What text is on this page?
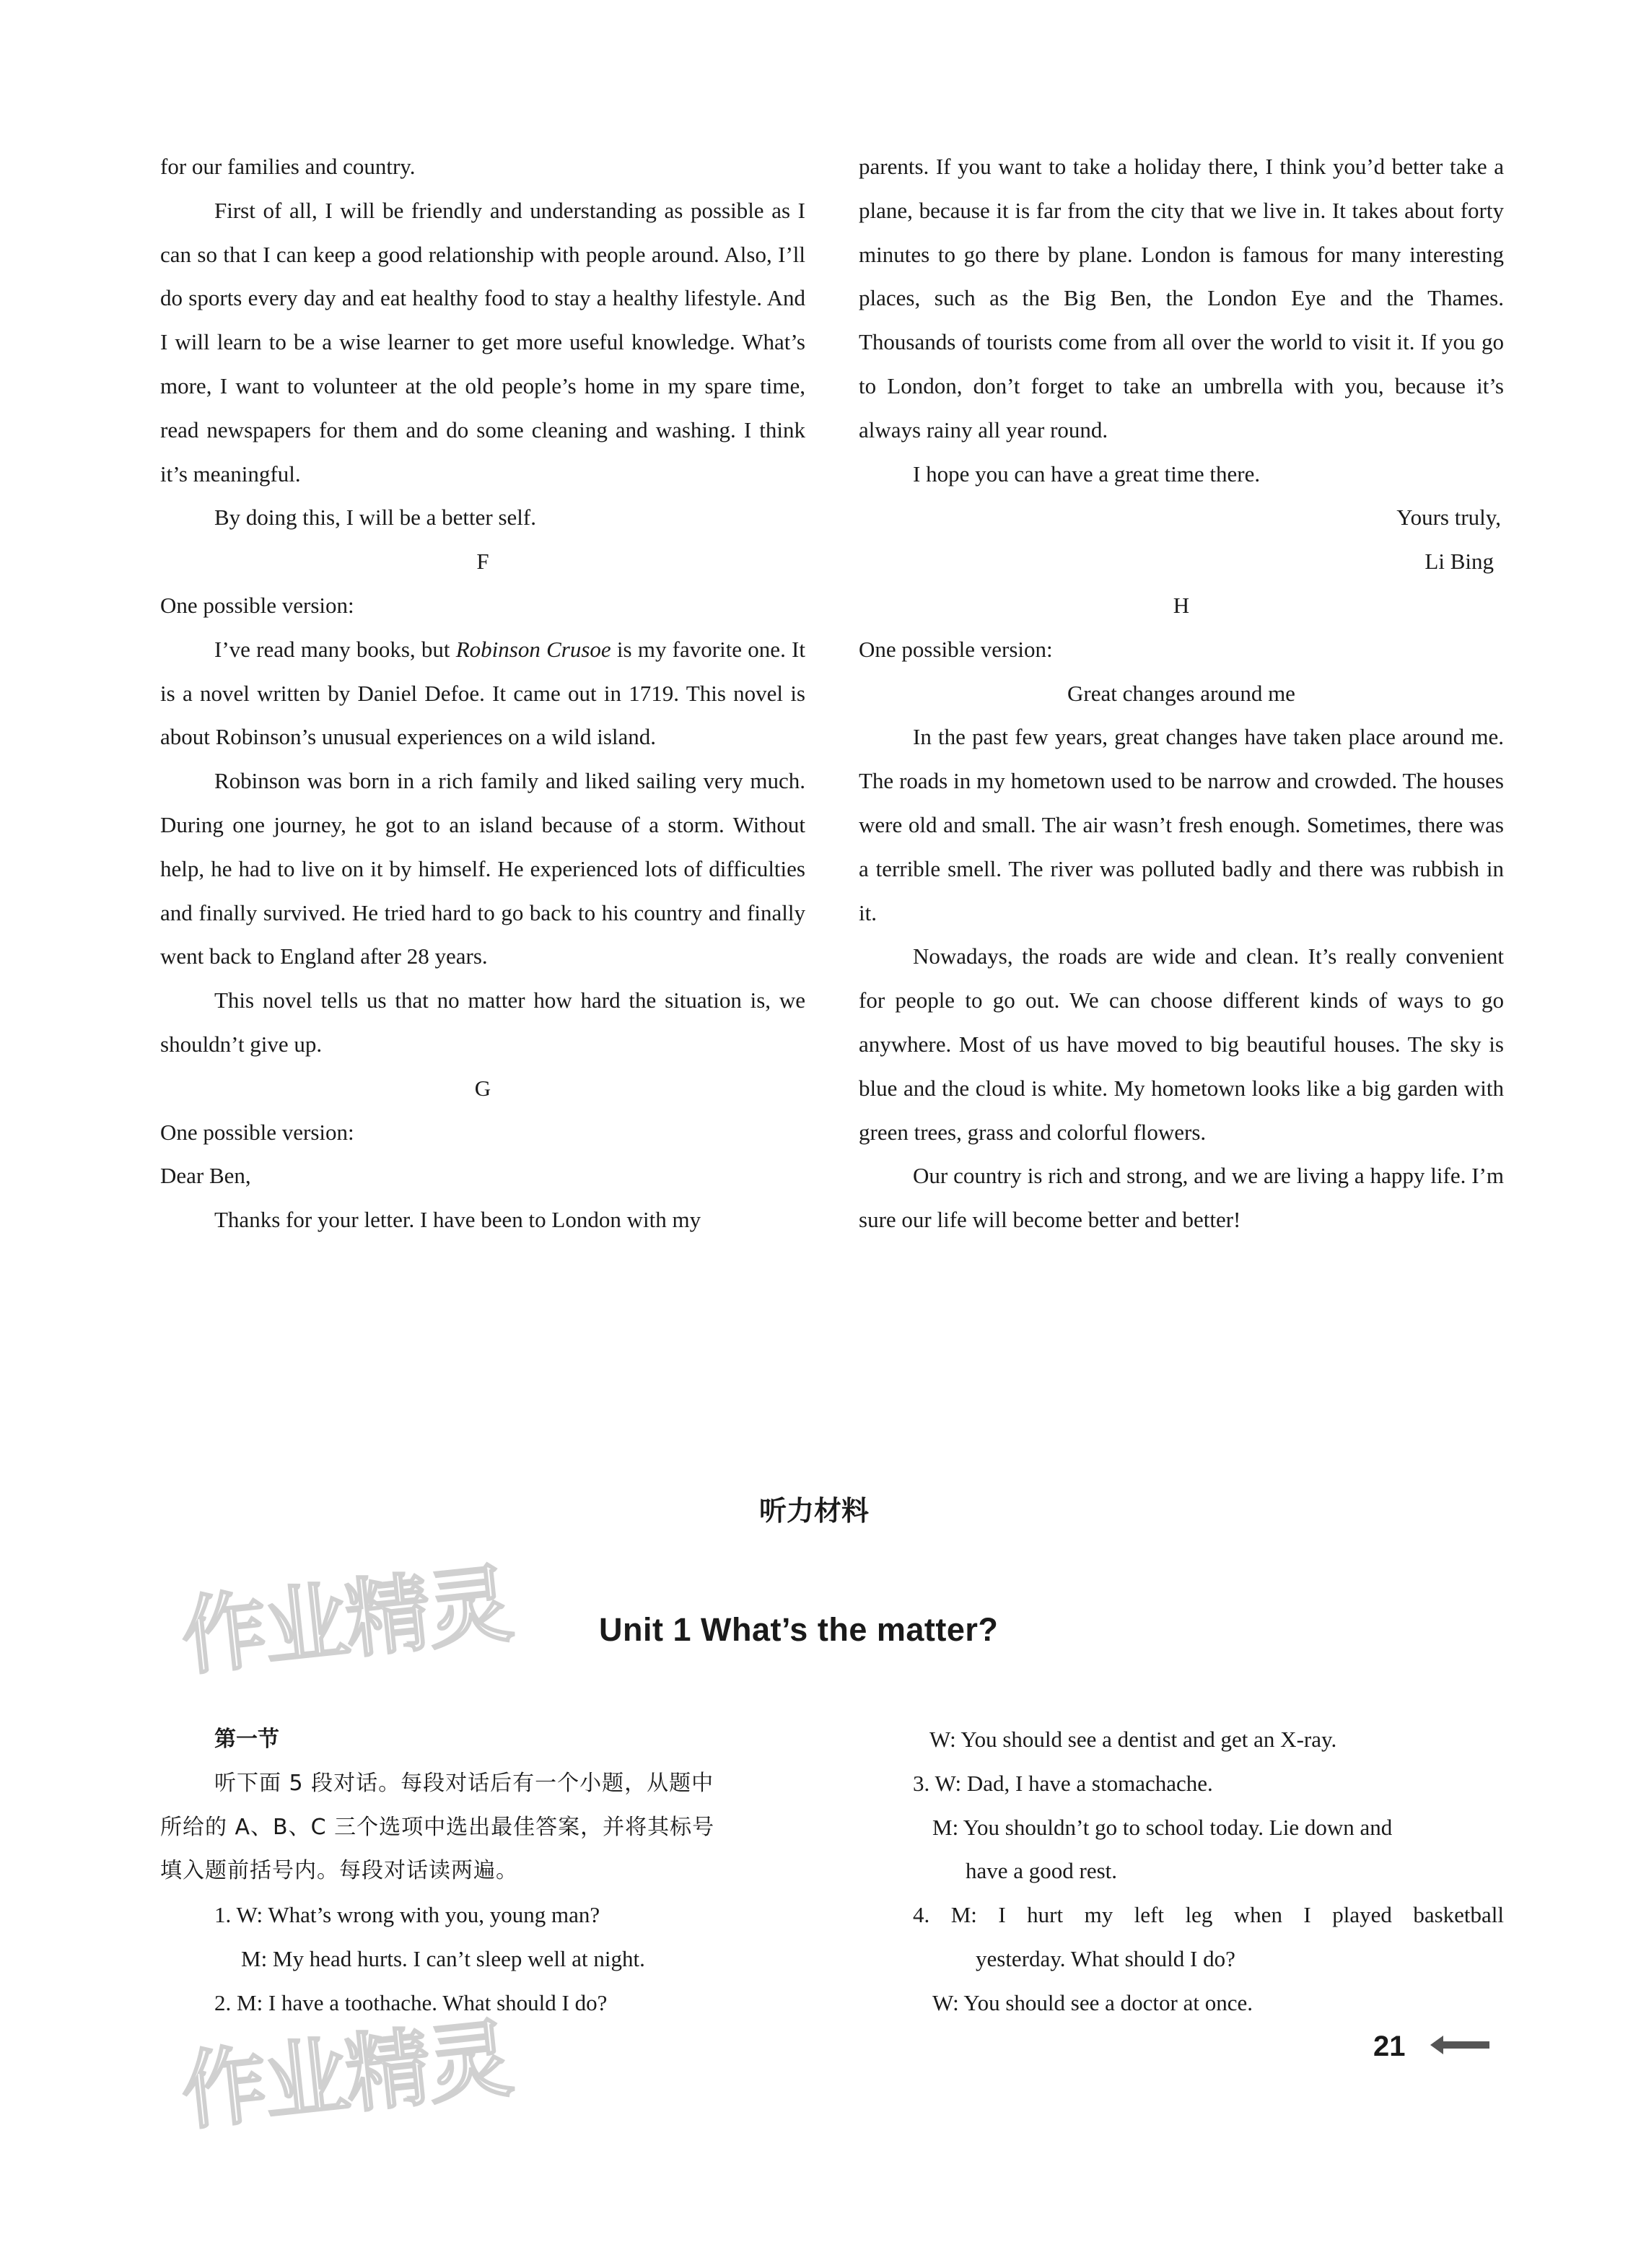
for our families and country.

First of all, I will be friendly and understanding as possible as I can so that I can keep a good relationship with people around. Also, I’ll do sports every day and eat healthy food to stay a healthy lifestyle. And I will learn to be a wise learner to get more useful knowledge. What’s more, I want to volunteer at the old people’s home in my spare time, read newspapers for them and do some cleaning and washing. I think it’s meaningful.

By doing this, I will be a better self.

F

One possible version:

I’ve read many books, but Robinson Crusoe is my favorite one. It is a novel written by Daniel Defoe. It came out in 1719. This novel is about Robinson’s unusual experiences on a wild island.

Robinson was born in a rich family and liked sailing very much. During one journey, he got to an island because of a storm. Without help, he had to live on it by himself. He experienced lots of difficulties and finally survived. He tried hard to go back to his country and finally went back to England after 28 years.

This novel tells us that no matter how hard the situation is, we shouldn’t give up.

G

One possible version:

Dear Ben,

Thanks for your letter. I have been to London with my

parents. If you want to take a holiday there, I think you’d better take a plane, because it is far from the city that we live in. It takes about forty minutes to go there by plane. London is famous for many interesting places, such as the Big Ben, the London Eye and the Thames. Thousands of tourists come from all over the world to visit it. If you go to London, don’t forget to take an umbrella with you, because it’s always rainy all year round.

I hope you can have a great time there.

Yours truly,

Li Bing

H

One possible version:

Great changes around me

In the past few years, great changes have taken place around me. The roads in my hometown used to be narrow and crowded. The houses were old and small. The air wasn’t fresh enough. Sometimes, there was a terrible smell. The river was polluted badly and there was rubbish in it.

Nowadays, the roads are wide and clean. It’s really convenient for people to go out. We can choose different kinds of ways to go anywhere. Most of us have moved to big beautiful houses. The sky is blue and the cloud is white. My hometown looks like a big garden with green trees, grass and colorful flowers.

Our country is rich and strong, and we are living a happy life. I’m sure our life will become better and better!

听力材料
作业精灵	Unit 1 What’s the matter?

第一节

听下面 5 段对话。每段对话后有一个小题，从题中

所给的 A、B、C 三个选项中选出最佳答案，并将其标号

填入题前括号内。每段对话读两遍。

1. W: What’s wrong with you, young man?

M: My head hurts. I can’t sleep well at night.

2. M: I have a toothache. What should I do?

W: You should see a dentist and get an X-ray.

3. W: Dad, I have a stomachache.

M: You shouldn’t go to school today. Lie down and

have a good rest.

4. M: I hurt my left leg when I played basketball

yesterday. What should I do?

W: You should see a doctor at once.

作业精灵	21
